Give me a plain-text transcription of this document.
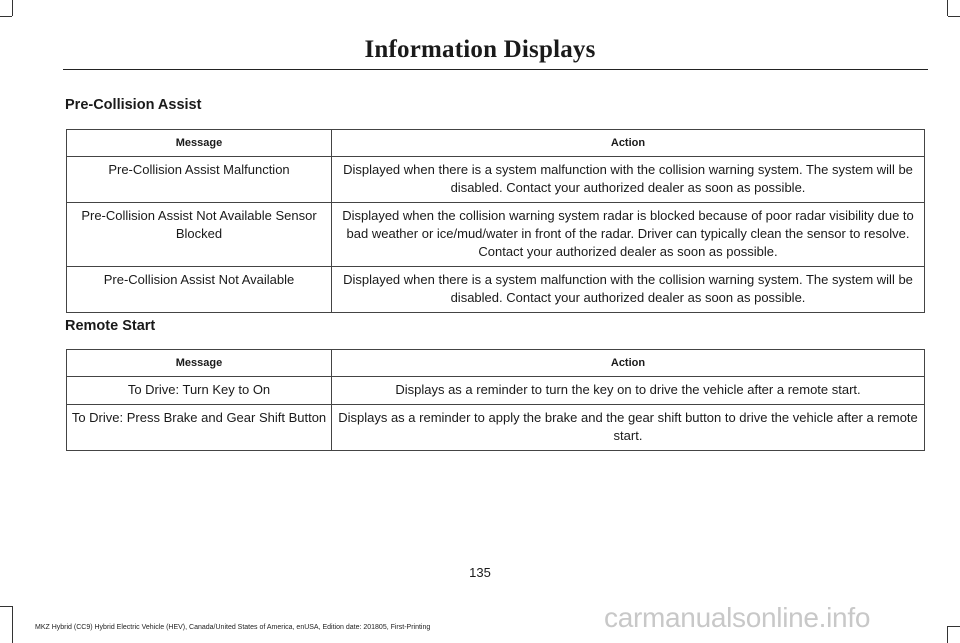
Information Displays
Pre-Collision Assist
Message	Action
Pre-Collision Assist Malfunction	Displayed when there is a system malfunction with the collision warning system. The system will be disabled. Contact your authorized dealer as soon as possible.
Pre-Collision Assist Not Available Sensor Blocked	Displayed when the collision warning system radar is blocked because of poor radar visibility due to bad weather or ice/mud/water in front of the radar. Driver can typically clean the sensor to resolve. Contact your authorized dealer as soon as possible.
Pre-Collision Assist Not Available	Displayed when there is a system malfunction with the collision warning system. The system will be disabled. Contact your authorized dealer as soon as possible.
Remote Start
Message	Action
To Drive: Turn Key to On	Displays as a reminder to turn the key on to drive the vehicle after a remote start.
To Drive: Press Brake and Gear Shift Button	Displays as a reminder to apply the brake and the gear shift button to drive the vehicle after a remote start.
135
MKZ Hybrid (CC9) Hybrid Electric Vehicle (HEV), Canada/United States of America, enUSA, Edition date: 201805, First-Printing	carmanualsonline.info
